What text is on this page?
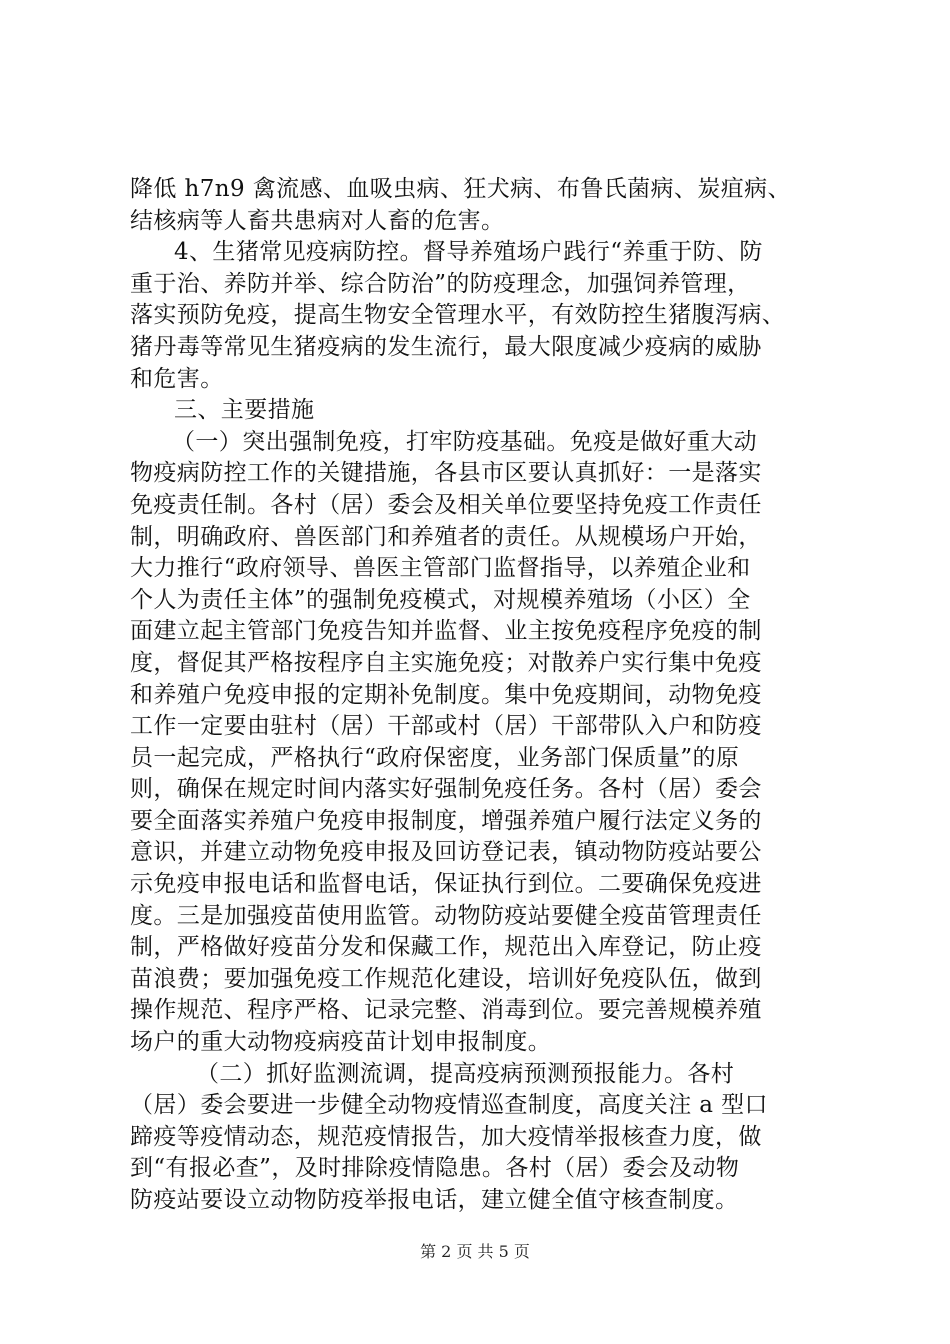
降低 h7n9 禽流感、血吸虫病、狂犬病、布鲁氏菌病、炭疽病、
结核病等人畜共患病对人畜的危害。
4、生猪常见疫病防控。督导养殖场户践行“养重于防、防
重于治、养防并举、综合防治”的防疫理念，加强饲养管理，
落实预防免疫，提高生物安全管理水平，有效防控生猪腹泻病、
猪丹毒等常见生猪疫病的发生流行，最大限度减少疫病的威胁
和危害。
三、主要措施
（一）突出强制免疫，打牢防疫基础。免疫是做好重大动
物疫病防控工作的关键措施，各县市区要认真抓好：一是落实
免疫责任制。各村（居）委会及相关单位要坚持免疫工作责任
制，明确政府、兽医部门和养殖者的责任。从规模场户开始，
大力推行“政府领导、兽医主管部门监督指导，以养殖企业和
个人为责任主体”的强制免疫模式，对规模养殖场（小区）全
面建立起主管部门免疫告知并监督、业主按免疫程序免疫的制
度，督促其严格按程序自主实施免疫；对散养户实行集中免疫
和养殖户免疫申报的定期补免制度。集中免疫期间，动物免疫
工作一定要由驻村（居）干部或村（居）干部带队入户和防疫
员一起完成，严格执行“政府保密度，业务部门保质量”的原
则，确保在规定时间内落实好强制免疫任务。各村（居）委会
要全面落实养殖户免疫申报制度，增强养殖户履行法定义务的
意识，并建立动物免疫申报及回访登记表，镇动物防疫站要公
示免疫申报电话和监督电话，保证执行到位。二要确保免疫进
度。三是加强疫苗使用监管。动物防疫站要健全疫苗管理责任
制，严格做好疫苗分发和保藏工作，规范出入库登记，防止疫
苗浪费；要加强免疫工作规范化建设，培训好免疫队伍，做到
操作规范、程序严格、记录完整、消毒到位。要完善规模养殖
场户的重大动物疫病疫苗计划申报制度。
（二）抓好监测流调，提高疫病预测预报能力。各村
（居）委会要进一步健全动物疫情巡查制度，高度关注 a 型口
蹄疫等疫情动态，规范疫情报告，加大疫情举报核查力度，做
到“有报必查”，及时排除疫情隐患。各村（居）委会及动物
防疫站要设立动物防疫举报电话，建立健全值守核查制度。
第 2 页 共 5 页
